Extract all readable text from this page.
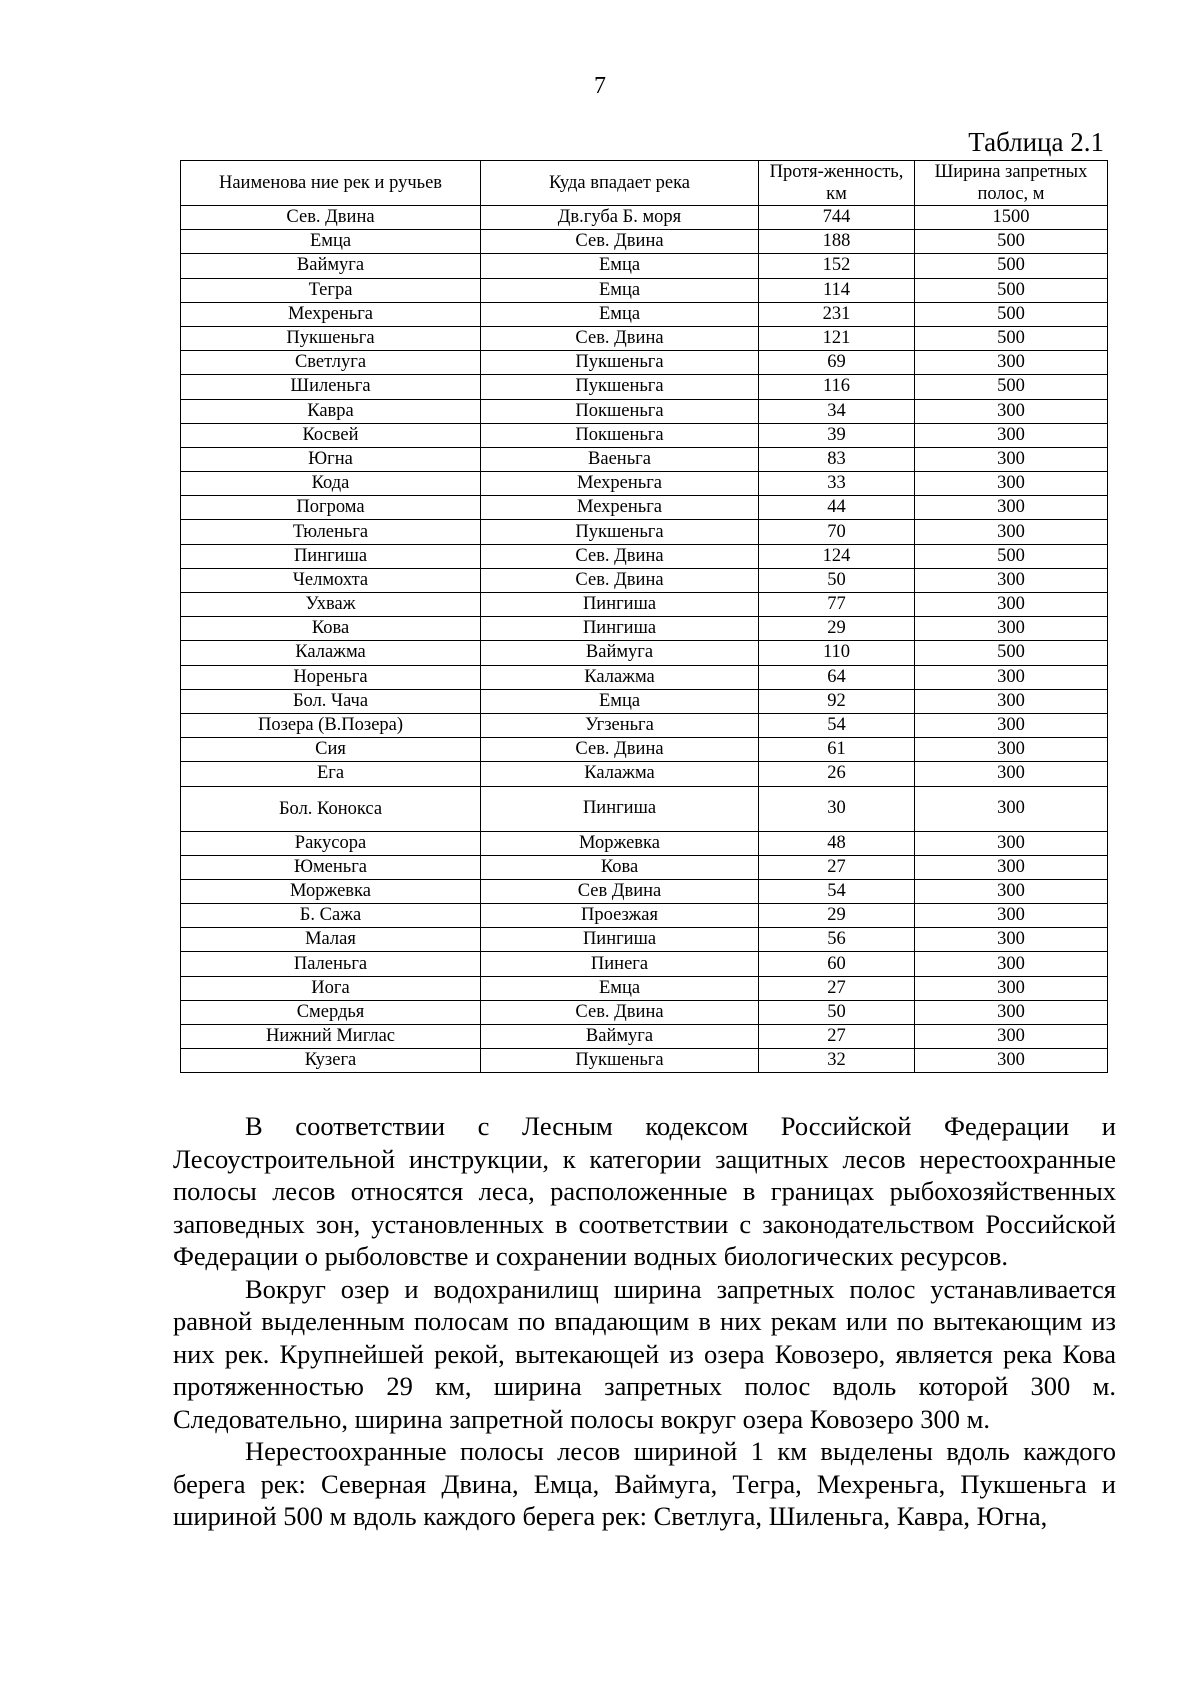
7
Таблица 2.1
Наименова ние рек и ручьев	Куда впадает река	Протя-женность, км	Ширина запретных полос, м
Сев. Двина	Дв.губа Б. моря	744	1500
Емца	Сев. Двина	188	500
Ваймуга	Емца	152	500
Тегра	Емца	114	500
Мехреньга	Емца	231	500
Пукшеньга	Сев. Двина	121	500
Светлуга	Пукшеньга	69	300
Шиленьга	Пукшеньга	116	500
Кавра	Покшеньга	34	300
Косвей	Покшеньга	39	300
Югна	Ваеньга	83	300
Кода	Мехреньга	33	300
Погрома	Мехреньга	44	300
Тюленьга	Пукшеньга	70	300
Пингиша	Сев. Двина	124	500
Челмохта	Сев. Двина	50	300
Ухваж	Пингиша	77	300
Кова	Пингиша	29	300
Калажма	Ваймуга	110	500
Нореньга	Калажма	64	300
Бол. Чача	Емца	92	300
Позера (В.Позера)	Угзеньга	54	300
Сия	Сев. Двина	61	300
Ега	Калажма	26	300
Бол. Конокса	Пингиша	30	300
Ракусора	Моржевка	48	300
Юменьга	Кова	27	300
Моржевка	Сев Двина	54	300
Б. Сажа	Проезжая	29	300
Малая	Пингиша	56	300
Паленьга	Пинега	60	300
Иога	Емца	27	300
Смердья	Сев. Двина	50	300
Нижний Миглас	Ваймуга	27	300
Кузега	Пукшеньга	32	300

В соответствии с Лесным кодексом Российской Федерации и Лесоустроительной инструкции, к категории защитных лесов нерестоохранные полосы лесов относятся леса, расположенные в границах рыбохозяйственных заповедных зон, установленных в соответствии с законодательством Российской Федерации о рыболовстве и сохранении водных биологических ресурсов.

Вокруг озер и водохранилищ ширина запретных полос устанавливается равной выделенным полосам по впадающим в них рекам или по вытекающим из них рек. Крупнейшей рекой, вытекающей из озера Ковозеро, является река Кова протяженностью 29 км, ширина запретных полос вдоль которой 300 м. Следовательно, ширина запретной полосы вокруг озера Ковозеро 300 м.

Нерестоохранные полосы лесов шириной 1 км выделены вдоль каждого берега рек: Северная Двина, Емца, Ваймуга, Тегра, Мехреньга, Пукшеньга и шириной 500 м вдоль каждого берега рек: Светлуга, Шиленьга, Кавра, Югна,
